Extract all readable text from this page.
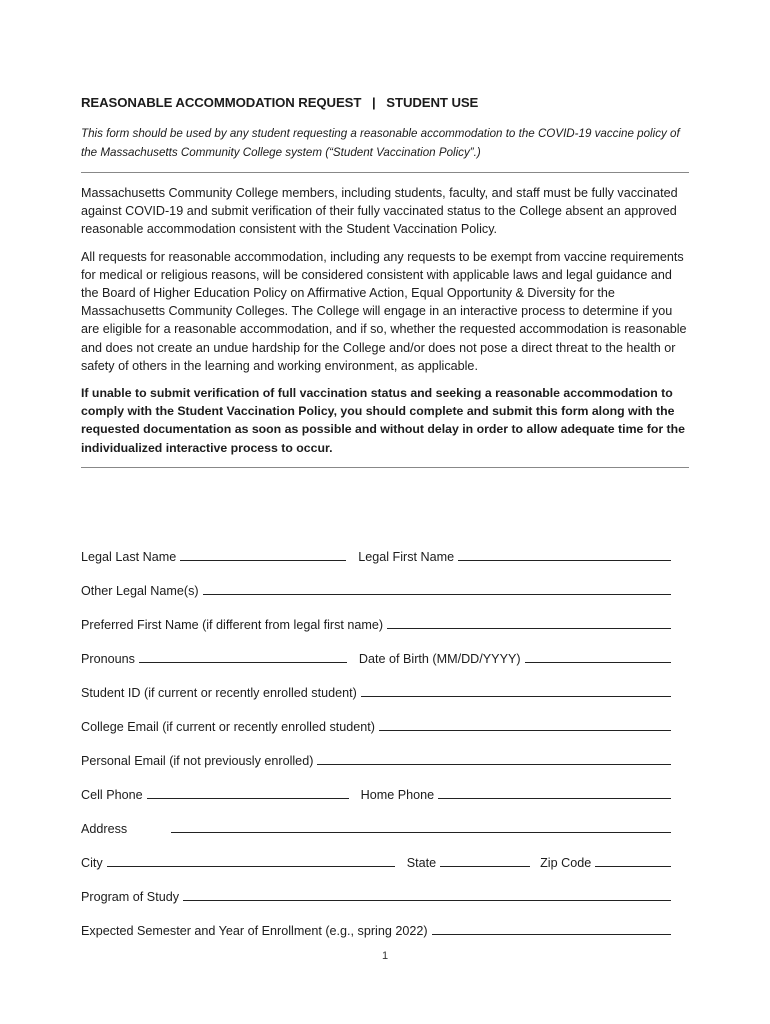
REASONABLE ACCOMMODATION REQUEST   |   STUDENT USE

This form should be used by any student requesting a reasonable accommodation to the COVID-19 vaccine policy of the Massachusetts Community College system (“Student Vaccination Policy”.)

Massachusetts Community College members, including students, faculty, and staff must be fully vaccinated against COVID-19 and submit verification of their fully vaccinated status to the College absent an approved reasonable accommodation consistent with the Student Vaccination Policy.

All requests for reasonable accommodation, including any requests to be exempt from vaccine requirements for medical or religious reasons, will be considered consistent with applicable laws and legal guidance and the Board of Higher Education Policy on Affirmative Action, Equal Opportunity & Diversity for the Massachusetts Community Colleges. The College will engage in an interactive process to determine if you are eligible for a reasonable accommodation, and if so, whether the requested accommodation is reasonable and does not create an undue hardship for the College and/or does not pose a direct threat to the health or safety of others in the learning and working environment, as applicable.

If unable to submit verification of full vaccination status and seeking a reasonable accommodation to comply with the Student Vaccination Policy, you should complete and submit this form along with the requested documentation as soon as possible and without delay in order to allow adequate time for the individualized interactive process to occur.

Legal Last Name	Legal First Name
Other Legal Name(s)
Preferred First Name (if different from legal first name)
Pronouns	Date of Birth (MM/DD/YYYY)
Student ID (if current or recently enrolled student)
College Email (if current or recently enrolled student)
Personal Email (if not previously enrolled)
Cell Phone	Home Phone
Address
City	State	Zip Code
Program of Study
Expected Semester and Year of Enrollment (e.g., spring 2022)
1
